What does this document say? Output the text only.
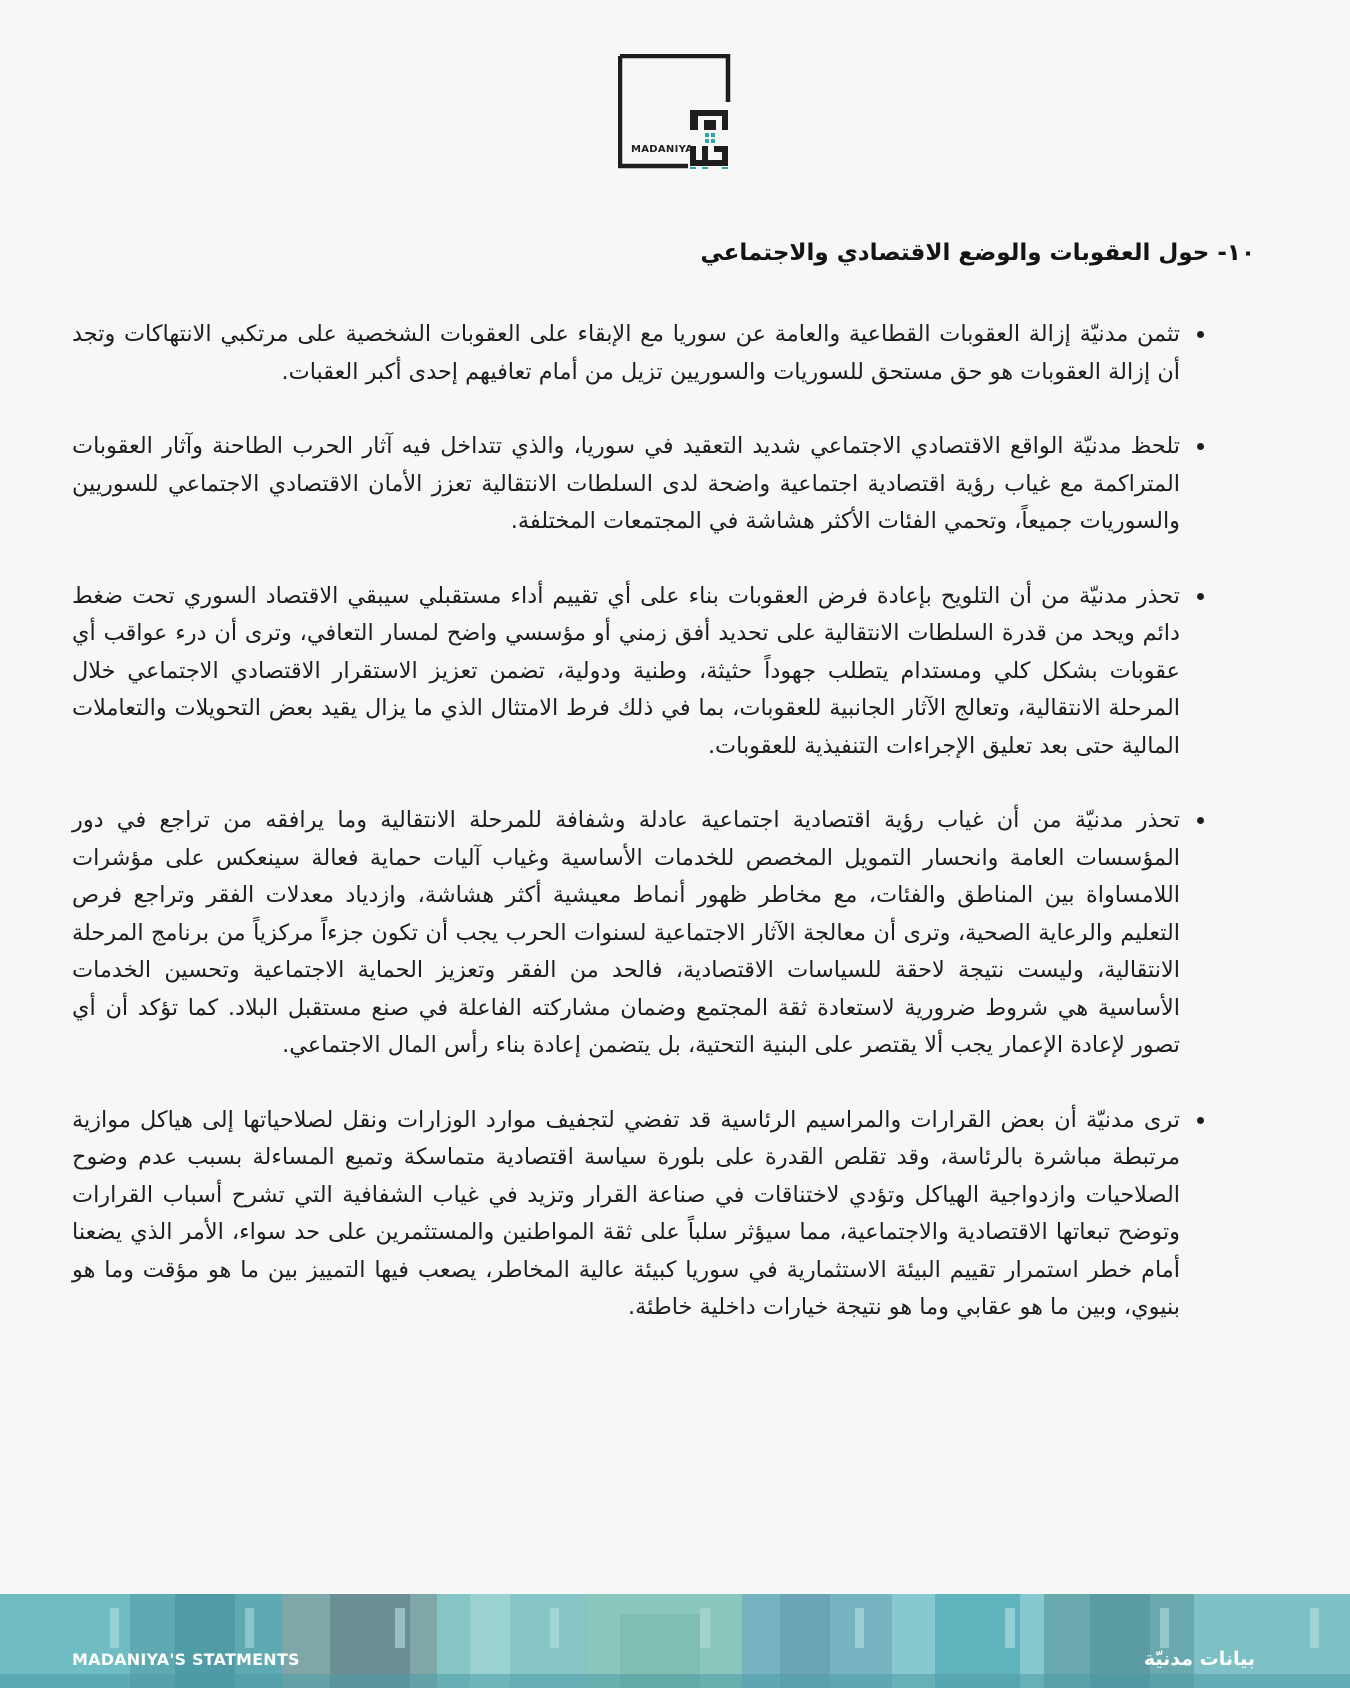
MADANIYA
١٠- حول العقوبات والوضع الاقتصادي والاجتماعي
تثمن مدنيّة إزالة العقوبات القطاعية والعامة عن سوريا مع الإبقاء على العقوبات الشخصية على مرتكبي الانتهاكات وتجد أن إزالة العقوبات هو حق مستحق للسوريات والسوريين تزيل من أمام تعافيهم إحدى أكبر العقبات.
تلحظ مدنيّة الواقع الاقتصادي الاجتماعي شديد التعقيد في سوريا، والذي تتداخل فيه آثار الحرب الطاحنة وآثار العقوبات المتراكمة مع غياب رؤية اقتصادية اجتماعية واضحة لدى السلطات الانتقالية تعزز الأمان الاقتصادي الاجتماعي للسوريين والسوريات جميعاً، وتحمي الفئات الأكثر هشاشة في المجتمعات المختلفة.
تحذر مدنيّة من أن التلويح بإعادة فرض العقوبات بناء على أي تقييم أداء مستقبلي سيبقي الاقتصاد السوري تحت ضغط دائم ويحد من قدرة السلطات الانتقالية على تحديد أفق زمني أو مؤسسي واضح لمسار التعافي، وترى أن درء عواقب أي عقوبات بشكل كلي ومستدام يتطلب جهوداً حثيثة، وطنية ودولية، تضمن تعزيز الاستقرار الاقتصادي الاجتماعي خلال المرحلة الانتقالية، وتعالج الآثار الجانبية للعقوبات، بما في ذلك فرط الامتثال الذي ما يزال يقيد بعض التحويلات والتعاملات المالية حتى بعد تعليق الإجراءات التنفيذية للعقوبات.
تحذر مدنيّة من أن غياب رؤية اقتصادية اجتماعية عادلة وشفافة للمرحلة الانتقالية وما يرافقه من تراجع في دور المؤسسات العامة وانحسار التمويل المخصص للخدمات الأساسية وغياب آليات حماية فعالة سينعكس على مؤشرات اللامساواة بين المناطق والفئات، مع مخاطر ظهور أنماط معيشية أكثر هشاشة، وازدياد معدلات الفقر وتراجع فرص التعليم والرعاية الصحية، وترى أن معالجة الآثار الاجتماعية لسنوات الحرب يجب أن تكون جزءاً مركزياً من برنامج المرحلة الانتقالية، وليست نتيجة لاحقة للسياسات الاقتصادية، فالحد من الفقر وتعزيز الحماية الاجتماعية وتحسين الخدمات الأساسية هي شروط ضرورية لاستعادة ثقة المجتمع وضمان مشاركته الفاعلة في صنع مستقبل البلاد. كما تؤكد أن أي تصور لإعادة الإعمار يجب ألا يقتصر على البنية التحتية، بل يتضمن إعادة بناء رأس المال الاجتماعي.
ترى مدنيّة أن بعض القرارات والمراسيم الرئاسية قد تفضي لتجفيف موارد الوزارات ونقل لصلاحياتها إلى هياكل موازية مرتبطة مباشرة بالرئاسة، وقد تقلص القدرة على بلورة سياسة اقتصادية متماسكة وتميع المساءلة بسبب عدم وضوح الصلاحيات وازدواجية الهياكل وتؤدي لاختناقات في صناعة القرار وتزيد في غياب الشفافية التي تشرح أسباب القرارات وتوضح تبعاتها الاقتصادية والاجتماعية، مما سيؤثر سلباً على ثقة المواطنين والمستثمرين على حد سواء، الأمر الذي يضعنا أمام خطر استمرار تقييم البيئة الاستثمارية في سوريا كبيئة عالية المخاطر، يصعب فيها التمييز بين ما هو مؤقت وما هو بنيوي، وبين ما هو عقابي وما هو نتيجة خيارات داخلية خاطئة.
MADANIYA'S STATMENTS	بيانات مدنيّة
